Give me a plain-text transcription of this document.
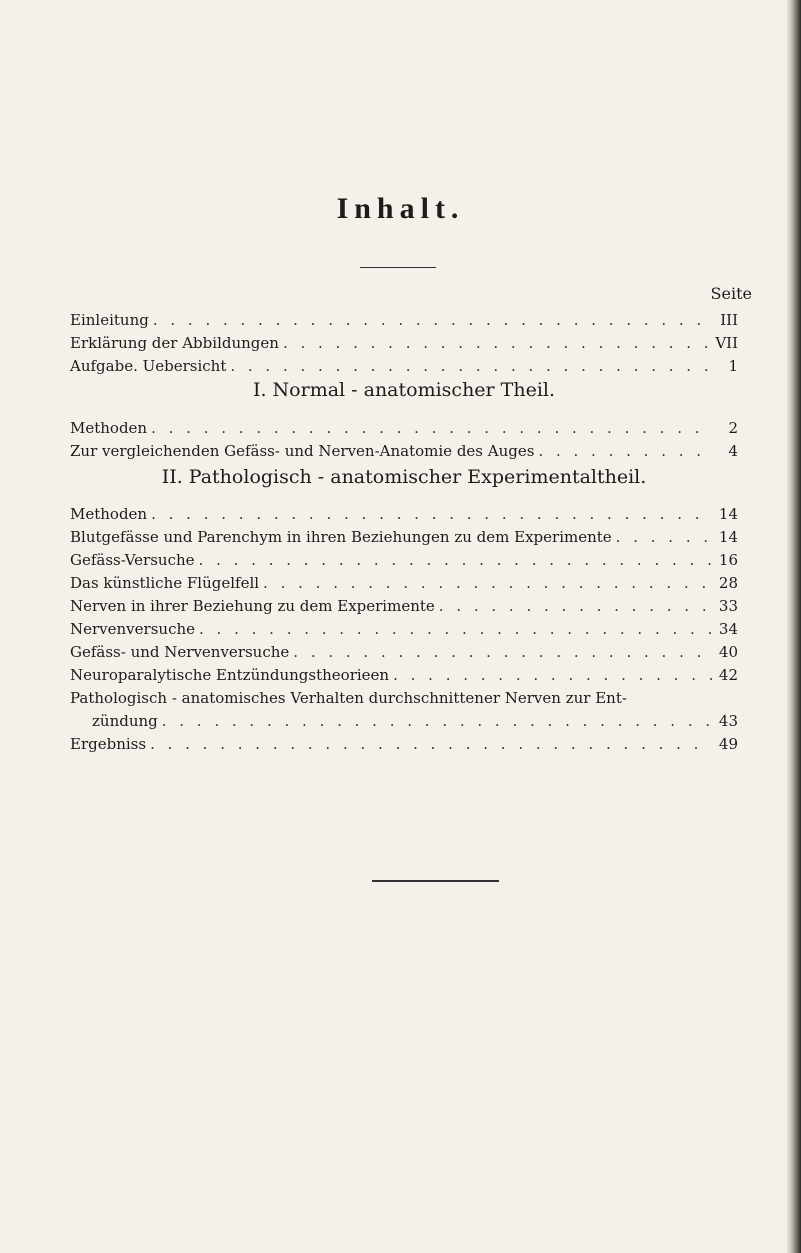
Inhalt.
Seite
Einleitung . . .	III
Erklärung der Abbildungen . . .	VII
Aufgabe. Uebersicht . . .	1
I. Normal - anatomischer Theil.
Methoden . . .	2
Zur vergleichenden Gefäss- und Nerven-Anatomie des Auges . . .	4
II. Pathologisch - anatomischer Experimentaltheil.
Methoden . . .	14
Blutgefässe und Parenchym in ihren Beziehungen zu dem Experimente . . .	14
Gefäss-Versuche . . .	16
Das künstliche Flügelfell . . .	28
Nerven in ihrer Beziehung zu dem Experimente . . .	33
Nervenversuche . . .	34
Gefäss- und Nervenversuche . . .	40
Neuroparalytische Entzündungstheorieen . . .	42
Pathologisch - anatomisches Verhalten durchschnittener Nerven zur Ent-
zündung . . .	43
Ergebniss . . .	49
